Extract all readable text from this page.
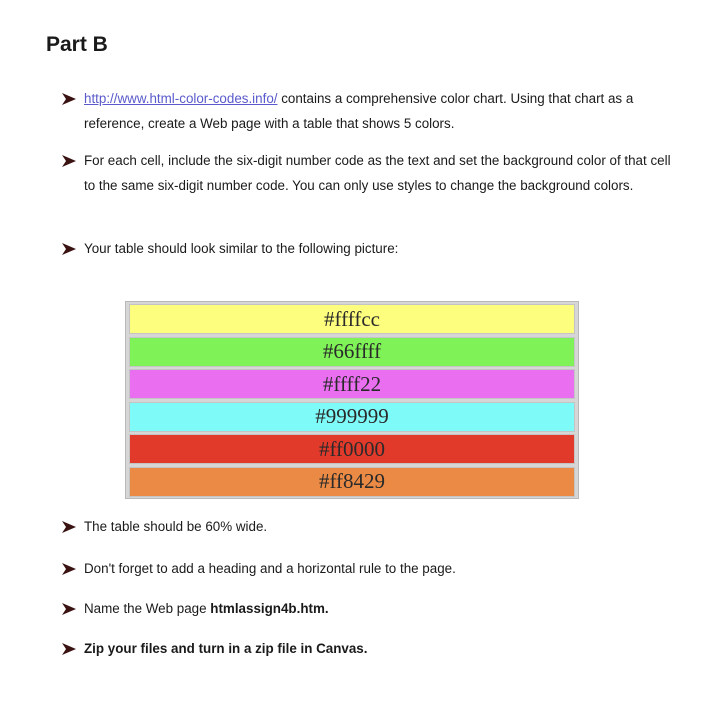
Part B
http://www.html-color-codes.info/ contains a comprehensive color chart. Using that chart as a reference, create a Web page with a table that shows 5 colors.
For each cell, include the six-digit number code as the text and set the background color of that cell to the same six-digit number code. You can only use styles to change the background colors.
Your table should look similar to the following picture:
#ffffcc
#66ffff
#ffff22
#999999
#ff0000
#ff8429
The table should be 60% wide.
Don't forget to add a heading and a horizontal rule to the page.
Name the Web page htmlassign4b.htm.
Zip your files and turn in a zip file in Canvas.
